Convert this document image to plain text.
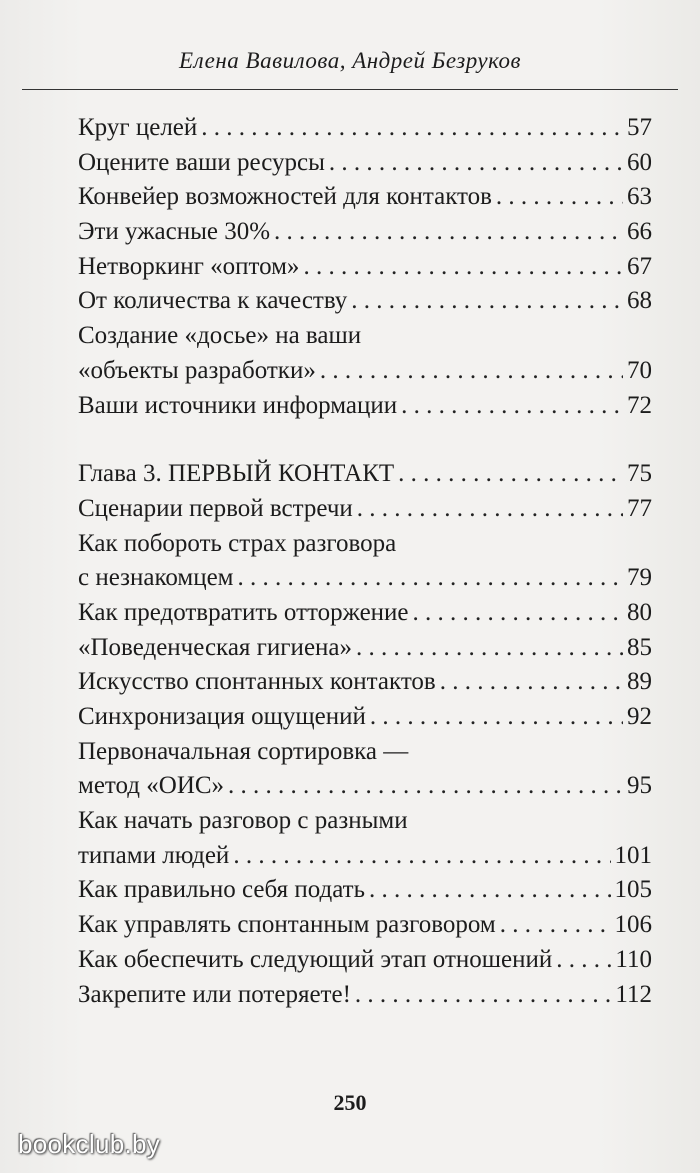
Елена Вавилова, Андрей Безруков
Круг целей . . .	57
Оцените ваши ресурсы . . .	60
Конвейер возможностей для контактов . . .	63
Эти ужасные 30% . . .	66
Нетворкинг «оптом» . . .	67
От количества к качеству . . .	68
Создание «досье» на ваши
«объекты разработки» . . .	70
Ваши источники информации . . .	72
Глава 3. ПЕРВЫЙ КОНТАКТ . . .	75
Сценарии первой встречи . . .	77
Как побороть страх разговора
с незнакомцем . . .	79
Как предотвратить отторжение . . .	80
«Поведенческая гигиена» . . .	85
Искусство спонтанных контактов . . .	89
Синхронизация ощущений . . .	92
Первоначальная сортировка —
метод «ОИС» . . .	95
Как начать разговор с разными
типами людей . . .	101
Как правильно себя подать . . .	105
Как управлять спонтанным разговором . . .	106
Как обеспечить следующий этап отношений . . .	110
Закрепите или потеряете! . . .	112
250
bookclub.by
